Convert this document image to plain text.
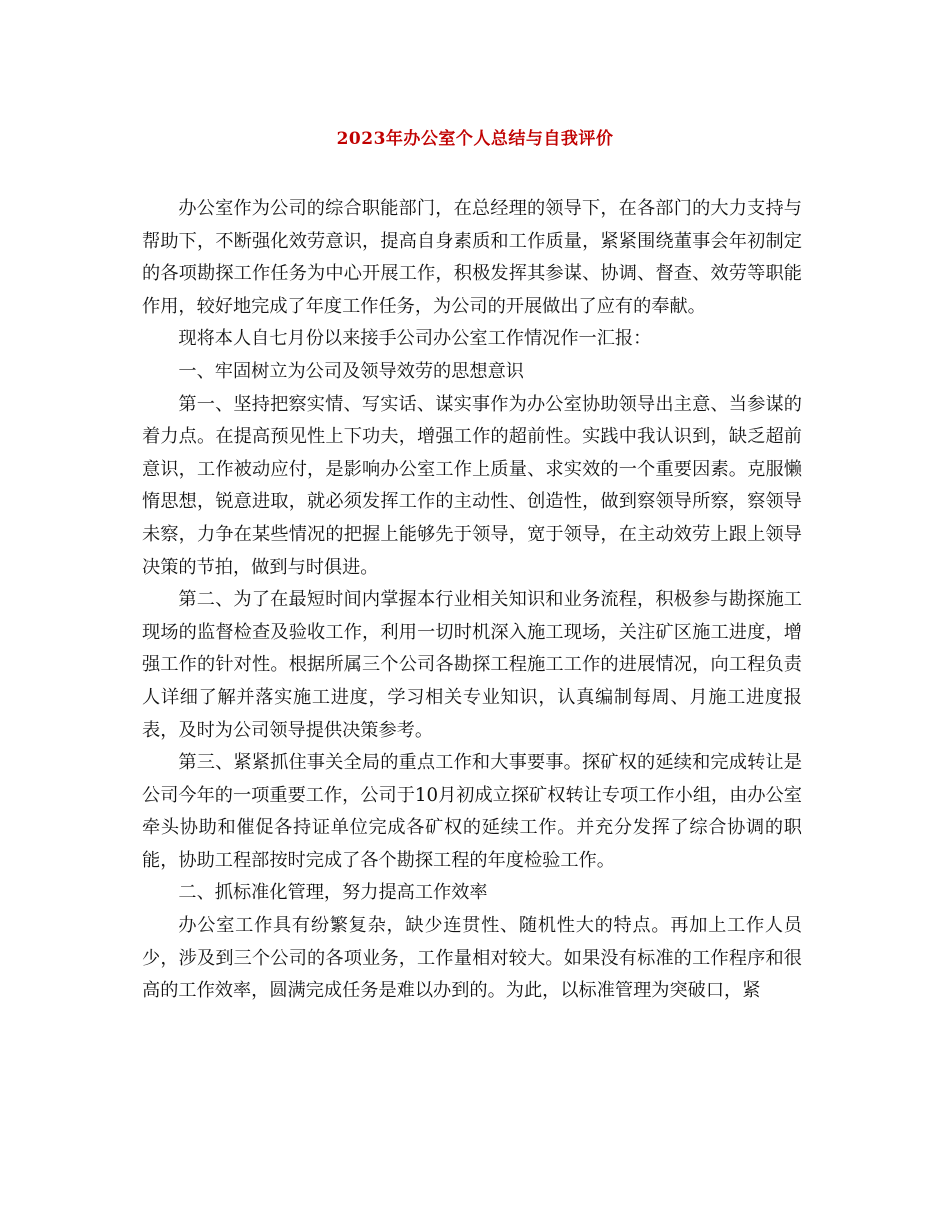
2023年办公室个人总结与自我评价

办公室作为公司的综合职能部门，在总经理的领导下，在各部门的大力支持与帮助下，不断强化效劳意识，提高自身素质和工作质量，紧紧围绕董事会年初制定的各项勘探工作任务为中心开展工作，积极发挥其参谋、协调、督查、效劳等职能作用，较好地完成了年度工作任务，为公司的开展做出了应有的奉献。

现将本人自七月份以来接手公司办公室工作情况作一汇报：

一、牢固树立为公司及领导效劳的思想意识

第一、坚持把察实情、写实话、谋实事作为办公室协助领导出主意、当参谋的着力点。在提高预见性上下功夫，增强工作的超前性。实践中我认识到，缺乏超前意识，工作被动应付，是影响办公室工作上质量、求实效的一个重要因素。克服懒惰思想，锐意进取，就必须发挥工作的主动性、创造性，做到察领导所察，察领导未察，力争在某些情况的把握上能够先于领导，宽于领导，在主动效劳上跟上领导决策的节拍，做到与时俱进。

第二、为了在最短时间内掌握本行业相关知识和业务流程，积极参与勘探施工现场的监督检查及验收工作，利用一切时机深入施工现场，关注矿区施工进度，增强工作的针对性。根据所属三个公司各勘探工程施工工作的进展情况，向工程负责人详细了解并落实施工进度，学习相关专业知识，认真编制每周、月施工进度报表，及时为公司领导提供决策参考。

第三、紧紧抓住事关全局的重点工作和大事要事。探矿权的延续和完成转让是公司今年的一项重要工作，公司于10月初成立探矿权转让专项工作小组，由办公室牵头协助和催促各持证单位完成各矿权的延续工作。并充分发挥了综合协调的职能，协助工程部按时完成了各个勘探工程的年度检验工作。

二、抓标准化管理，努力提高工作效率

办公室工作具有纷繁复杂，缺少连贯性、随机性大的特点。再加上工作人员少，涉及到三个公司的各项业务，工作量相对较大。如果没有标准的工作程序和很高的工作效率，圆满完成任务是难以办到的。为此，以标准管理为突破口，紧
